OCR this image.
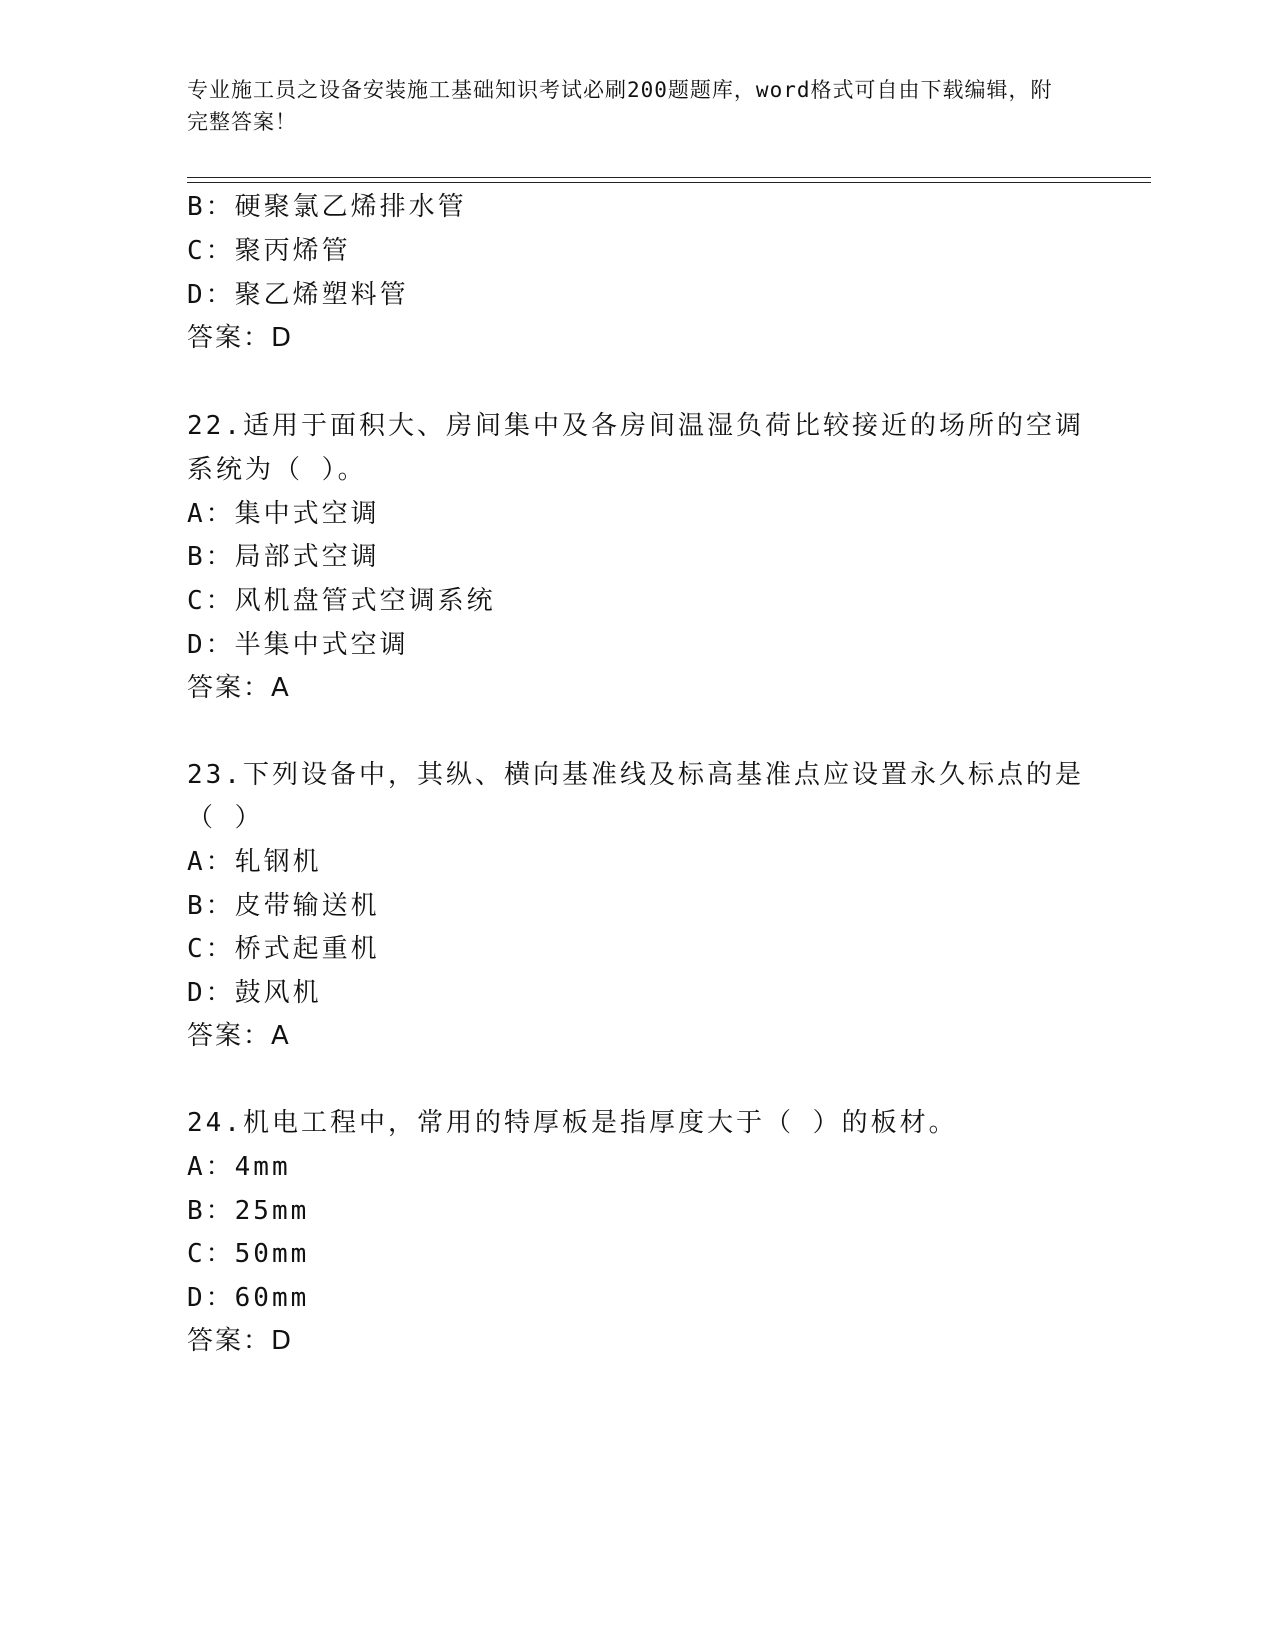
专业施工员之设备安装施工基础知识考试必刷200题题库，word格式可自由下载编辑，附完整答案！
B：硬聚氯乙烯排水管
C：聚丙烯管
D：聚乙烯塑料管
答案：D
22.适用于面积大、房间集中及各房间温湿负荷比较接近的场所的空调
系统为（ ）。
A：集中式空调
B：局部式空调
C：风机盘管式空调系统
D：半集中式空调
答案：A
23.下列设备中，其纵、横向基准线及标高基准点应设置永久标点的是
（ ）
A：轧钢机
B：皮带输送机
C：桥式起重机
D：鼓风机
答案：A
24.机电工程中，常用的特厚板是指厚度大于（ ）的板材。
A：4mm
B：25mm
C：50mm
D：60mm
答案：D
